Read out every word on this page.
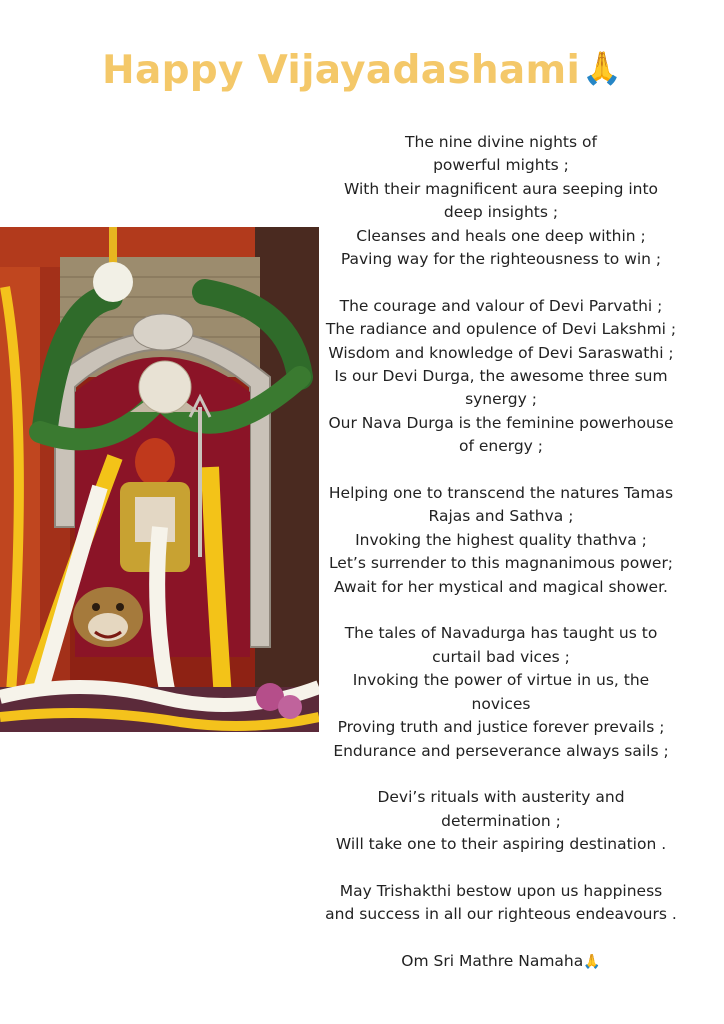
Happy Vijayadashami🙏
The nine divine nights of
powerful mights ;
With their magnificent aura seeping into
deep insights ;
Cleanses and heals one deep within ;
Paving way for the righteousness to win ;
The courage and valour of Devi Parvathi ;
The radiance and opulence of Devi Lakshmi ;
Wisdom and knowledge of Devi Saraswathi ;
Is our Devi Durga, the awesome three sum
synergy ;
Our Nava Durga is the feminine powerhouse
of energy ;
Helping one to transcend the natures Tamas
Rajas and Sathva ;
Invoking the highest quality thathva ;
Let’s surrender to this magnanimous power;
Await for her mystical and magical shower.
The tales of Navadurga has taught us to
curtail bad vices ;
Invoking the power of virtue in us, the
novices
Proving truth and justice forever prevails ;
Endurance and perseverance always sails ;
Devi’s rituals with austerity and
determination ;
Will take one to their aspiring destination .
May Trishakthi bestow upon us happiness
and success in all our righteous endeavours .
Om Sri Mathre Namaha🙏
